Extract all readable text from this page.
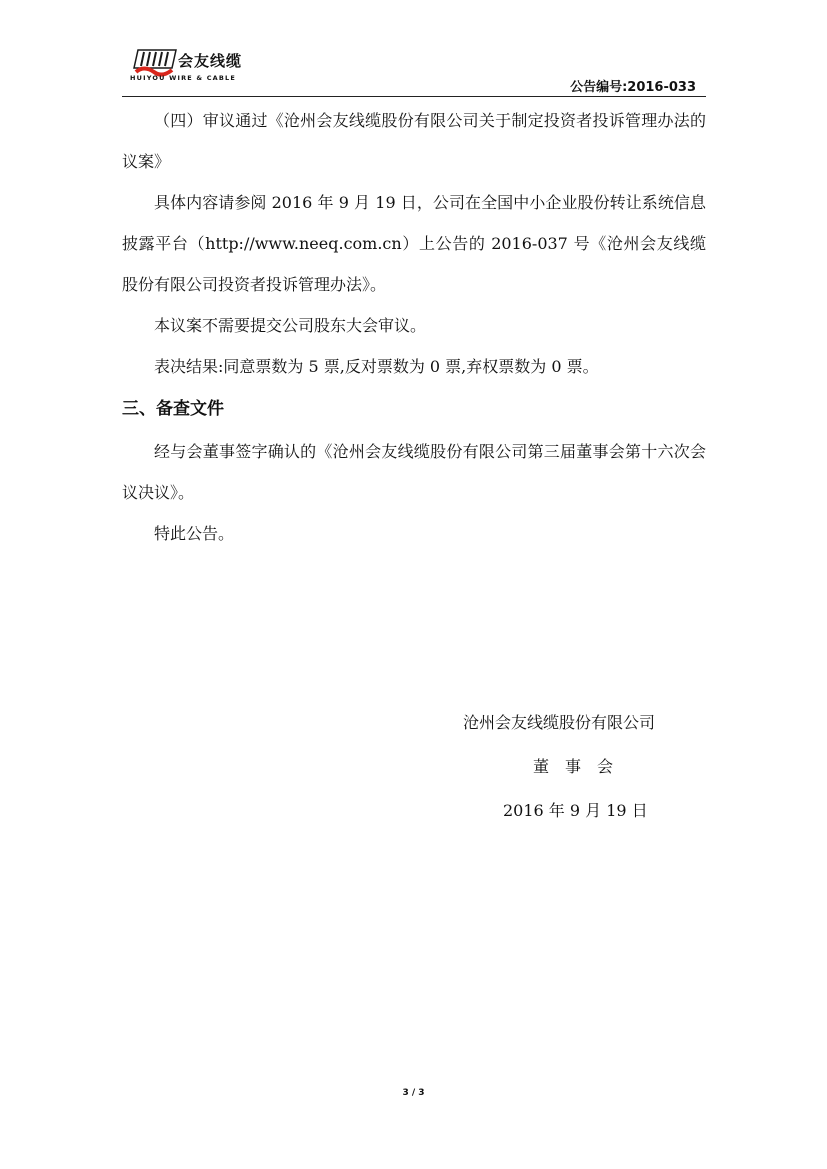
会友线缆
HUIYOU WIRE & CABLE
公告编号:2016-033

（四）审议通过《沧州会友线缆股份有限公司关于制定投资者投诉管理办法的议案》

具体内容请参阅 2016 年 9 月 19 日，公司在全国中小企业股份转让系统信息披露平台（http://www.neeq.com.cn）上公告的 2016-037 号《沧州会友线缆股份有限公司投资者投诉管理办法》。

本议案不需要提交公司股东大会审议。

表决结果:同意票数为 5 票,反对票数为 0 票,弃权票数为 0 票。

三、备查文件

经与会董事签字确认的《沧州会友线缆股份有限公司第三届董事会第十六次会议决议》。

特此公告。

沧州会友线缆股份有限公司
董　事　会
2016 年 9 月 19 日
3 / 3
